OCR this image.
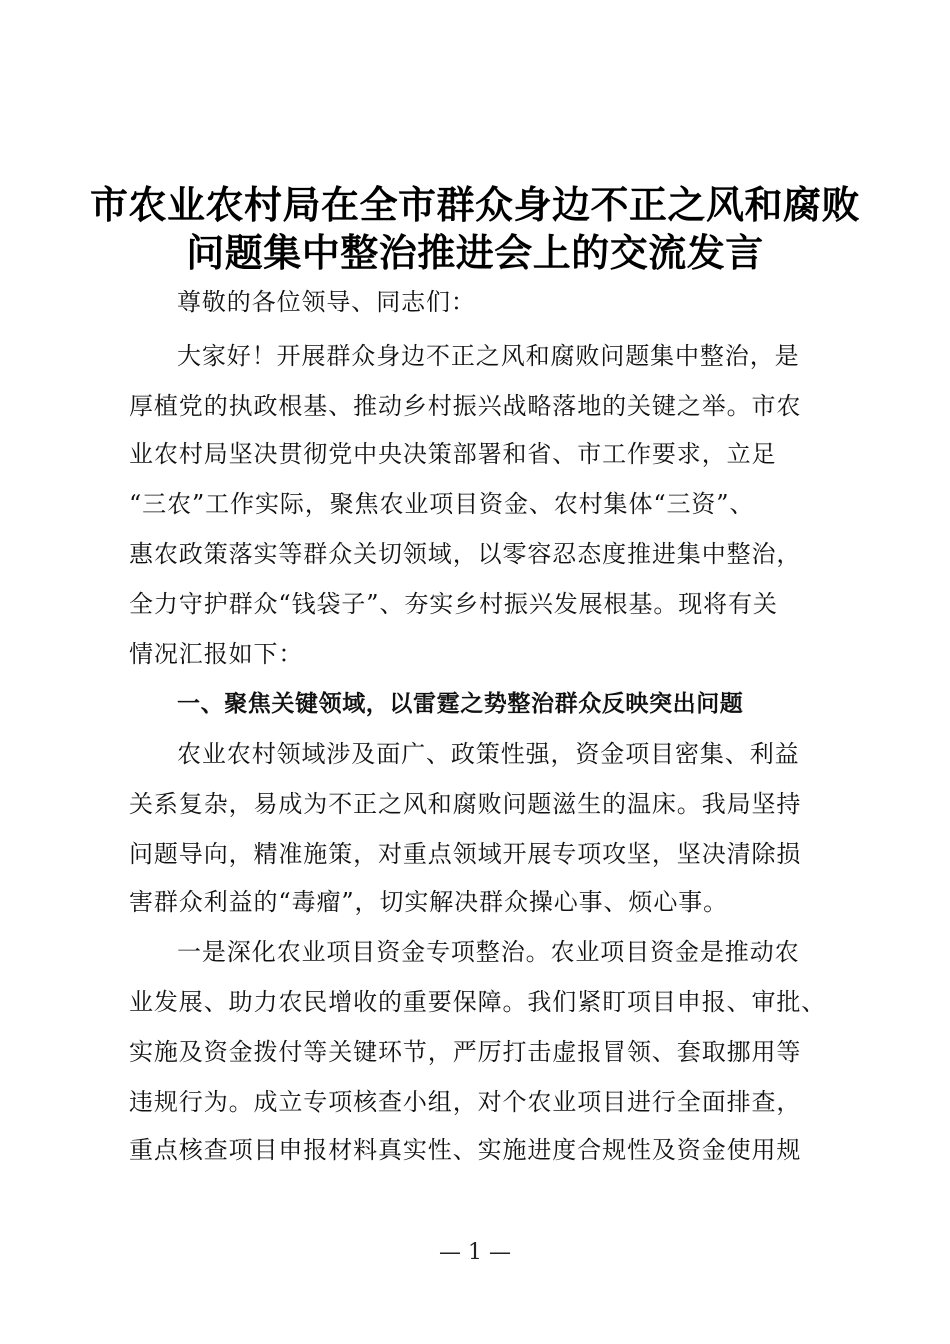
市农业农村局在全市群众身边不正之风和腐败
问题集中整治推进会上的交流发言
尊敬的各位领导、同志们：
大家好！开展群众身边不正之风和腐败问题集中整治，是
厚植党的执政根基、推动乡村振兴战略落地的关键之举。市农
业农村局坚决贯彻党中央决策部署和省、市工作要求，立足
“三农”工作实际，聚焦农业项目资金、农村集体“三资”、
惠农政策落实等群众关切领域，以零容忍态度推进集中整治，
全力守护群众“钱袋子”、夯实乡村振兴发展根基。现将有关
情况汇报如下：
一、聚焦关键领域，以雷霆之势整治群众反映突出问题
农业农村领域涉及面广、政策性强，资金项目密集、利益
关系复杂，易成为不正之风和腐败问题滋生的温床。我局坚持
问题导向，精准施策，对重点领域开展专项攻坚，坚决清除损
害群众利益的“毒瘤”，切实解决群众操心事、烦心事。
一是深化农业项目资金专项整治。农业项目资金是推动农
业发展、助力农民增收的重要保障。我们紧盯项目申报、审批、
实施及资金拨付等关键环节，严厉打击虚报冒领、套取挪用等
违规行为。成立专项核查小组，对个农业项目进行全面排查，
重点核查项目申报材料真实性、实施进度合规性及资金使用规
— 1 —
